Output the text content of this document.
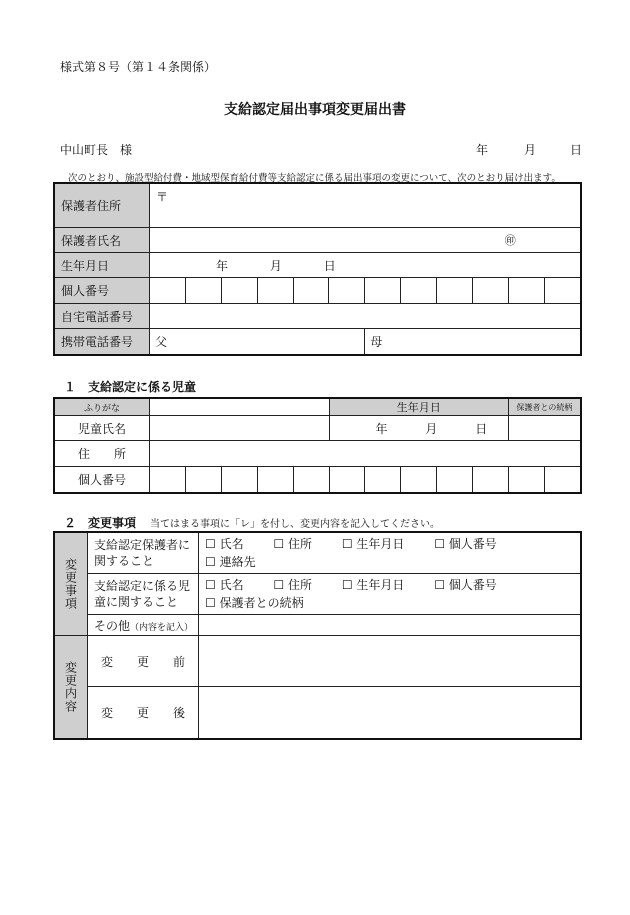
様式第８号（第１４条関係）
支給認定届出事項変更届出書
中山町長　様	年	月	日
次のとおり、施設型給付費・地域型保育給付費等支給認定に係る届出事項の変更について、次のとおり届け出ます。
保護者住所	〒											
保護者氏名	㊞											
生年月日	年 月 日											
個人番号												
自宅電話番号												
携帯電話番号	父						母					
１　支給認定に係る児童
ふりがな						生年月日					保護者との続柄	
児童氏名						年 月 日						
住　　所												
個人番号												
２　変更事項 当てはまる事項に「レ」を付し、変更内容を記入してください。
変更事項	支給認定保護者に関すること	☐ 氏名 ☐ 住所 ☐ 生年月日 ☐ 個人番号
☐ 連絡先
	支給認定に係る児童に関すること	☐ 氏名 ☐ 住所 ☐ 生年月日 ☐ 個人番号
☐ 保護者との続柄
	その他（内容を記入）	

変更内容	変　　更　　前	
	変　　更　　後	
